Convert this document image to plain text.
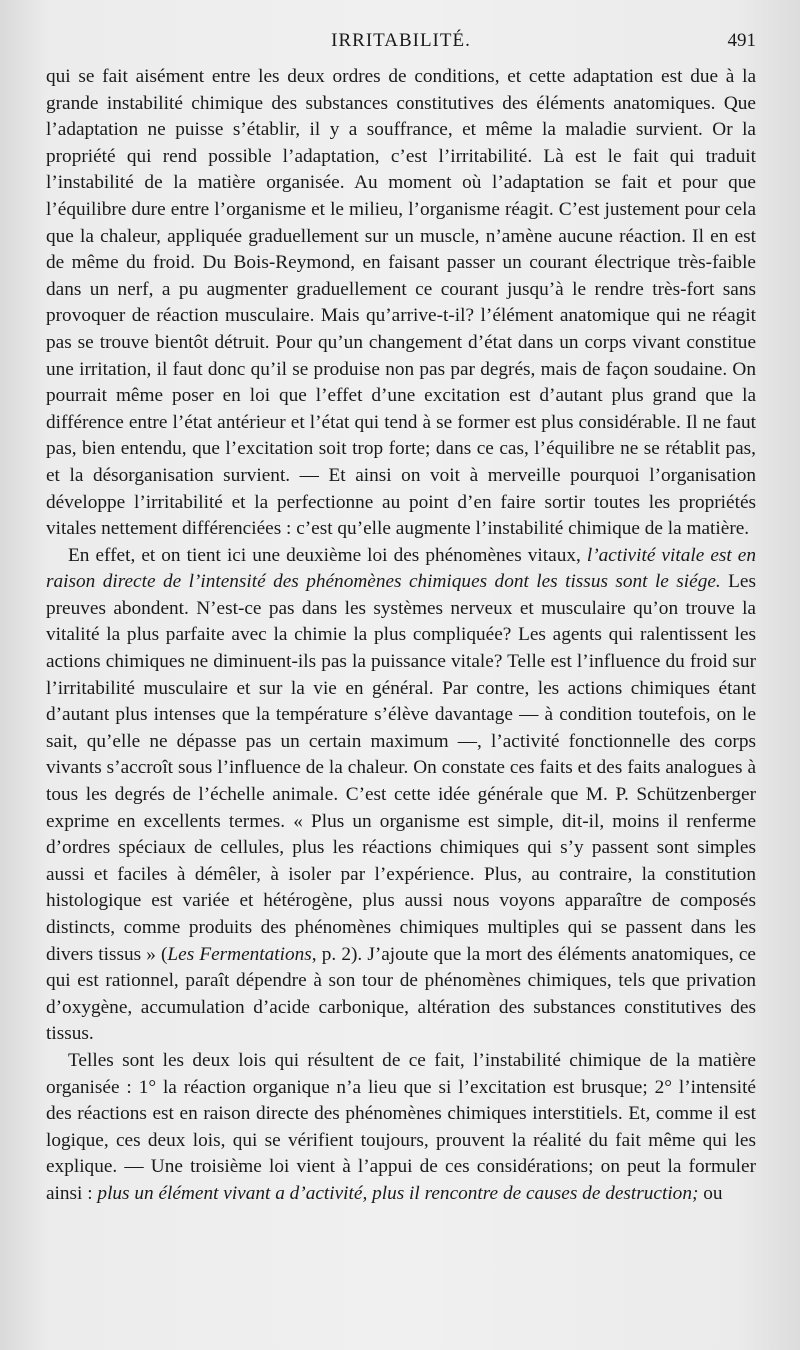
IRRITABILITÉ.	491

qui se fait aisément entre les deux ordres de conditions, et cette adaptation est due à la grande instabilité chimique des substances constitutives des éléments anatomiques. Que l’adaptation ne puisse s’établir, il y a souffrance, et même la maladie survient. Or la propriété qui rend possible l’adaptation, c’est l’irritabilité. Là est le fait qui traduit l’instabilité de la matière organisée. Au moment où l’adaptation se fait et pour que l’équilibre dure entre l’organisme et le milieu, l’organisme réagit. C’est justement pour cela que la chaleur, appliquée graduellement sur un muscle, n’amène aucune réaction. Il en est de même du froid. Du Bois-Reymond, en faisant passer un courant électrique très-faible dans un nerf, a pu augmenter graduellement ce courant jusqu’à le rendre très-fort sans provoquer de réaction musculaire. Mais qu’arrive-t-il? l’élément anatomique qui ne réagit pas se trouve bientôt détruit. Pour qu’un changement d’état dans un corps vivant constitue une irritation, il faut donc qu’il se produise non pas par degrés, mais de façon soudaine. On pourrait même poser en loi que l’effet d’une excitation est d’autant plus grand que la différence entre l’état antérieur et l’état qui tend à se former est plus considérable. Il ne faut pas, bien entendu, que l’excitation soit trop forte; dans ce cas, l’équilibre ne se rétablit pas, et la désorganisation survient. — Et ainsi on voit à merveille pourquoi l’organisation développe l’irritabilité et la perfectionne au point d’en faire sortir toutes les propriétés vitales nettement différenciées : c’est qu’elle augmente l’instabilité chimique de la matière.

En effet, et on tient ici une deuxième loi des phénomènes vitaux, l’activité vitale est en raison directe de l’intensité des phénomènes chimiques dont les tissus sont le siége. Les preuves abondent. N’est-ce pas dans les systèmes nerveux et musculaire qu’on trouve la vitalité la plus parfaite avec la chimie la plus compliquée? Les agents qui ralentissent les actions chimiques ne diminuent-ils pas la puissance vitale? Telle est l’influence du froid sur l’irritabilité musculaire et sur la vie en général. Par contre, les actions chimiques étant d’autant plus intenses que la température s’élève davantage — à condition toutefois, on le sait, qu’elle ne dépasse pas un certain maximum —, l’activité fonctionnelle des corps vivants s’accroît sous l’influence de la chaleur. On constate ces faits et des faits analogues à tous les degrés de l’échelle animale. C’est cette idée générale que M. P. Schützenberger exprime en excellents termes. « Plus un organisme est simple, dit-il, moins il renferme d’ordres spéciaux de cellules, plus les réactions chimiques qui s’y passent sont simples aussi et faciles à démêler, à isoler par l’expérience. Plus, au contraire, la constitution histologique est variée et hétérogène, plus aussi nous voyons apparaître de composés distincts, comme produits des phénomènes chimiques multiples qui se passent dans les divers tissus » (Les Fermentations, p. 2). J’ajoute que la mort des éléments anatomiques, ce qui est rationnel, paraît dépendre à son tour de phénomènes chimiques, tels que privation d’oxygène, accumulation d’acide carbonique, altération des substances constitutives des tissus.

Telles sont les deux lois qui résultent de ce fait, l’instabilité chimique de la matière organisée : 1° la réaction organique n’a lieu que si l’excitation est brusque; 2° l’intensité des réactions est en raison directe des phénomènes chimiques interstitiels. Et, comme il est logique, ces deux lois, qui se vérifient toujours, prouvent la réalité du fait même qui les explique. — Une troisième loi vient à l’appui de ces considérations; on peut la formuler ainsi : plus un élément vivant a d’activité, plus il rencontre de causes de destruction; ou
